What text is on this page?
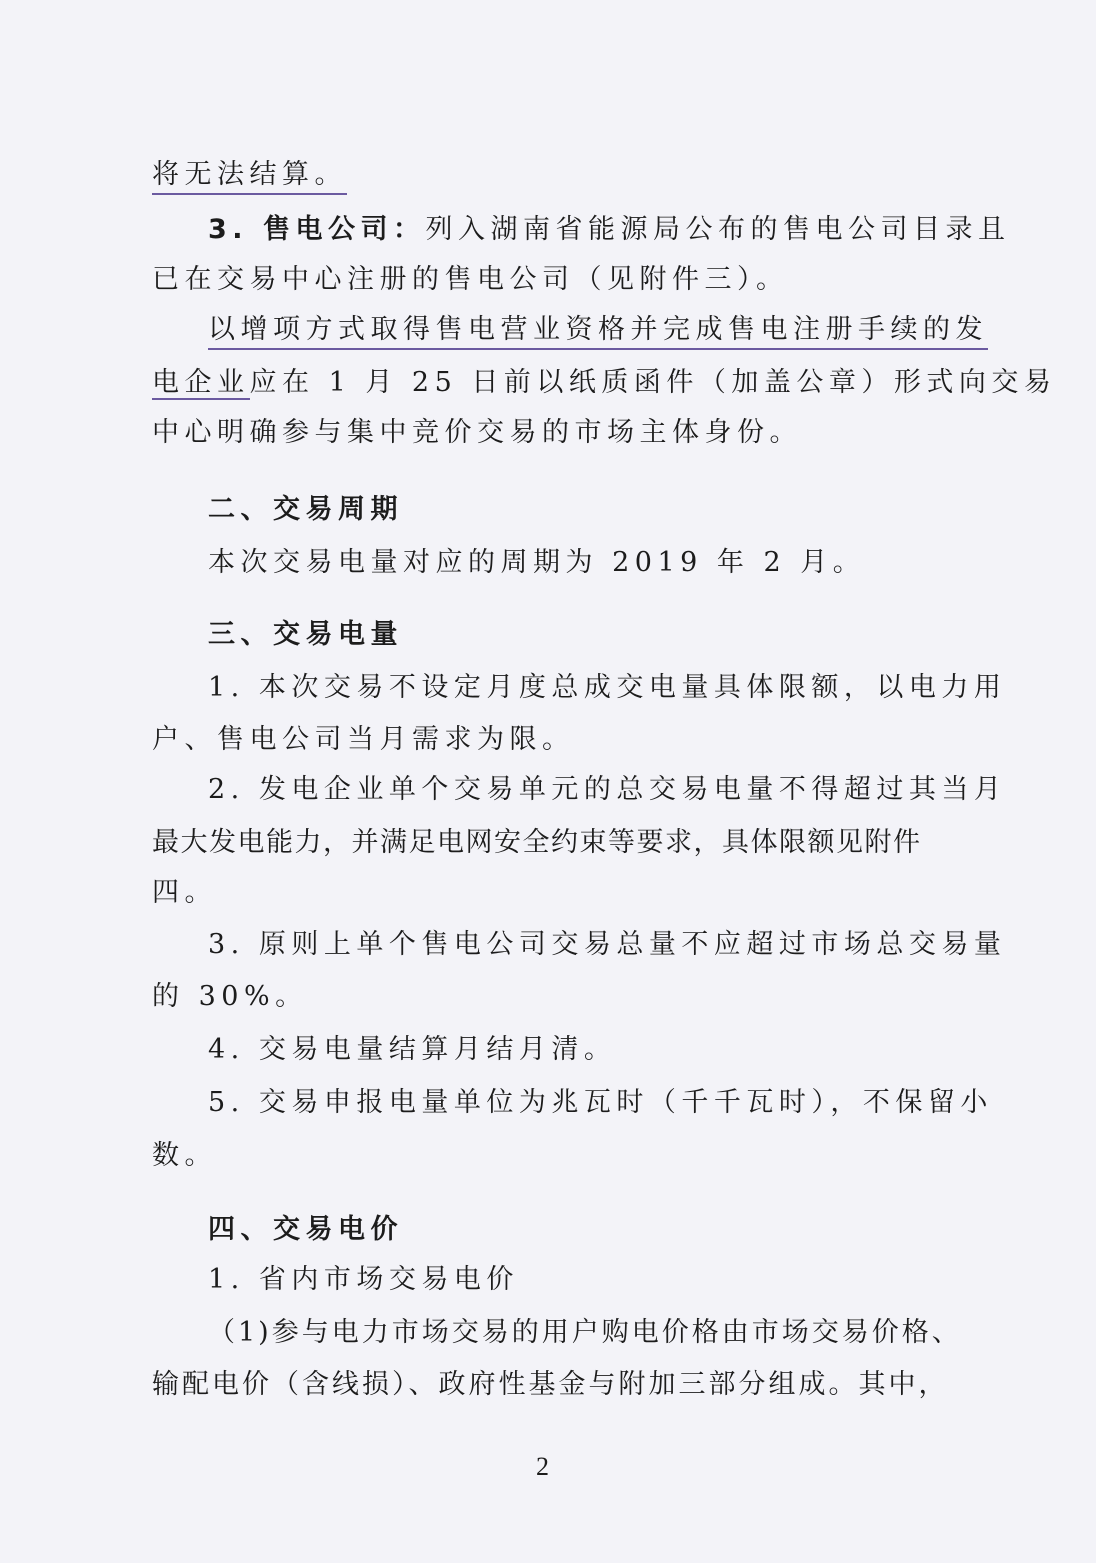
将无法结算。
3. 售电公司：列入湖南省能源局公布的售电公司目录且
已在交易中心注册的售电公司（见附件三）。
以增项方式取得售电营业资格并完成售电注册手续的发
电企业应在 1 月 25 日前以纸质函件（加盖公章）形式向交易
中心明确参与集中竞价交易的市场主体身份。
二、交易周期
本次交易电量对应的周期为 2019 年 2 月。
三、交易电量
1. 本次交易不设定月度总成交电量具体限额，以电力用
户、售电公司当月需求为限。
2. 发电企业单个交易单元的总交易电量不得超过其当月
最大发电能力，并满足电网安全约束等要求，具体限额见附件
四。
3. 原则上单个售电公司交易总量不应超过市场总交易量
的 30%。
4. 交易电量结算月结月清。
5. 交易申报电量单位为兆瓦时（千千瓦时），不保留小
数。
四、交易电价
1. 省内市场交易电价
（1)参与电力市场交易的用户购电价格由市场交易价格、
输配电价（含线损）、政府性基金与附加三部分组成。其中，
2
